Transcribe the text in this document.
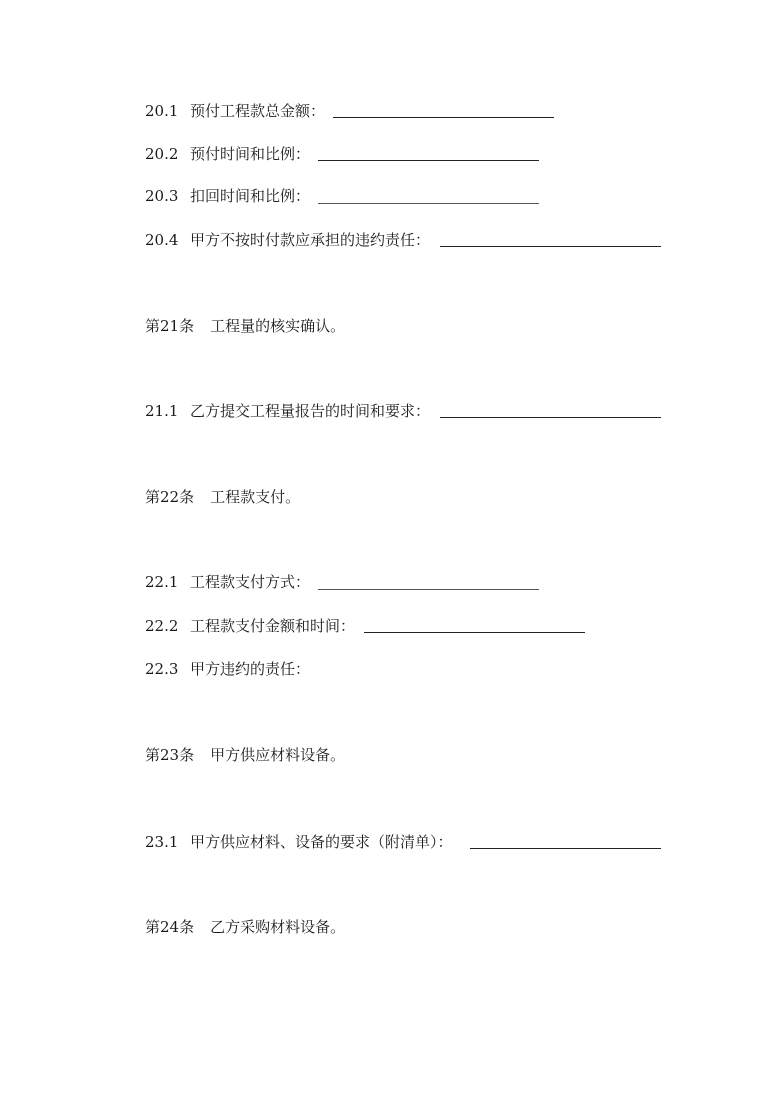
20.1 预付工程款总金额：
20.2 预付时间和比例：
20.3 扣回时间和比例：
20.4 甲方不按时付款应承担的违约责任：
第21条 工程量的核实确认。
21.1 乙方提交工程量报告的时间和要求：
第22条 工程款支付。
22.1 工程款支付方式：
22.2 工程款支付金额和时间：
22.3 甲方违约的责任：
第23条 甲方供应材料设备。
23.1 甲方供应材料、设备的要求（附清单）：
第24条 乙方采购材料设备。
